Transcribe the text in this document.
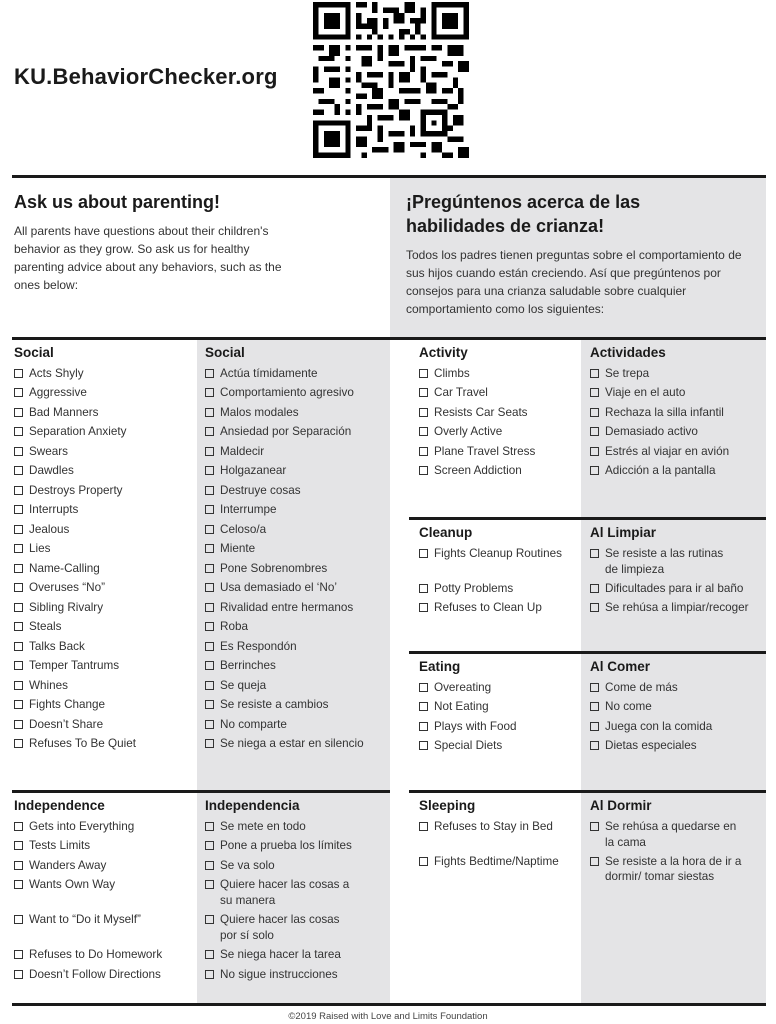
KU.BehaviorChecker.org
Ask us about parenting!

All parents have questions about their children's behavior as they grow. So ask us for healthy parenting advice about any behaviors, such as the ones below:

¡Pregúntenos acerca de las habilidades de crianza!

Todos los padres tienen preguntas sobre el comportamiento de sus hijos cuando están creciendo. Así que pregúntenos por consejos para una crianza saludable sobre cualquier comportamiento como los siguientes:

Social
Acts Shyly
Aggressive
Bad Manners
Separation Anxiety
Swears
Dawdles
Destroys Property
Interrupts
Jealous
Lies
Name-Calling
Overuses “No”
Sibling Rivalry
Steals
Talks Back
Temper Tantrums
Whines
Fights Change
Doesn’t Share
Refuses To Be Quiet
Social
Actúa tímidamente
Comportamiento agresivo
Malos modales
Ansiedad por Separación
Maldecir
Holgazanear
Destruye cosas
Interrumpe
Celoso/a
Miente
Pone Sobrenombres
Usa demasiado el ‘No’
Rivalidad entre hermanos
Roba
Es Respondón
Berrinches
Se queja
Se resiste a cambios
No comparte
Se niega a estar en silencio
Activity
Climbs
Car Travel
Resists Car Seats
Overly Active
Plane Travel Stress
Screen Addiction
Actividades
Se trepa
Viaje en el auto
Rechaza la silla infantil
Demasiado activo
Estrés al viajar en avión
Adicción a la pantalla
Cleanup
Fights Cleanup Routines
Potty Problems
Refuses to Clean Up
Al Limpiar
Se resiste a las rutinas de limpieza
Dificultades para ir al baño
Se rehúsa a limpiar/recoger
Eating
Overeating
Not Eating
Plays with Food
Special Diets
Al Comer
Come de más
No come
Juega con la comida
Dietas especiales
Independence
Gets into Everything
Tests Limits
Wanders Away
Wants Own Way
Want to “Do it Myself”
Refuses to Do Homework
Doesn’t Follow Directions
Independencia
Se mete en todo
Pone a prueba los límites
Se va solo
Quiere hacer las cosas a su manera
Quiere hacer las cosas por sí solo
Se niega hacer la tarea
No sigue instrucciones
Sleeping
Refuses to Stay in Bed
Fights Bedtime/Naptime
Al Dormir
Se rehúsa a quedarse en la cama
Se resiste a la hora de ir a dormir/ tomar siestas
©2019 Raised with Love and Limits Foundation
